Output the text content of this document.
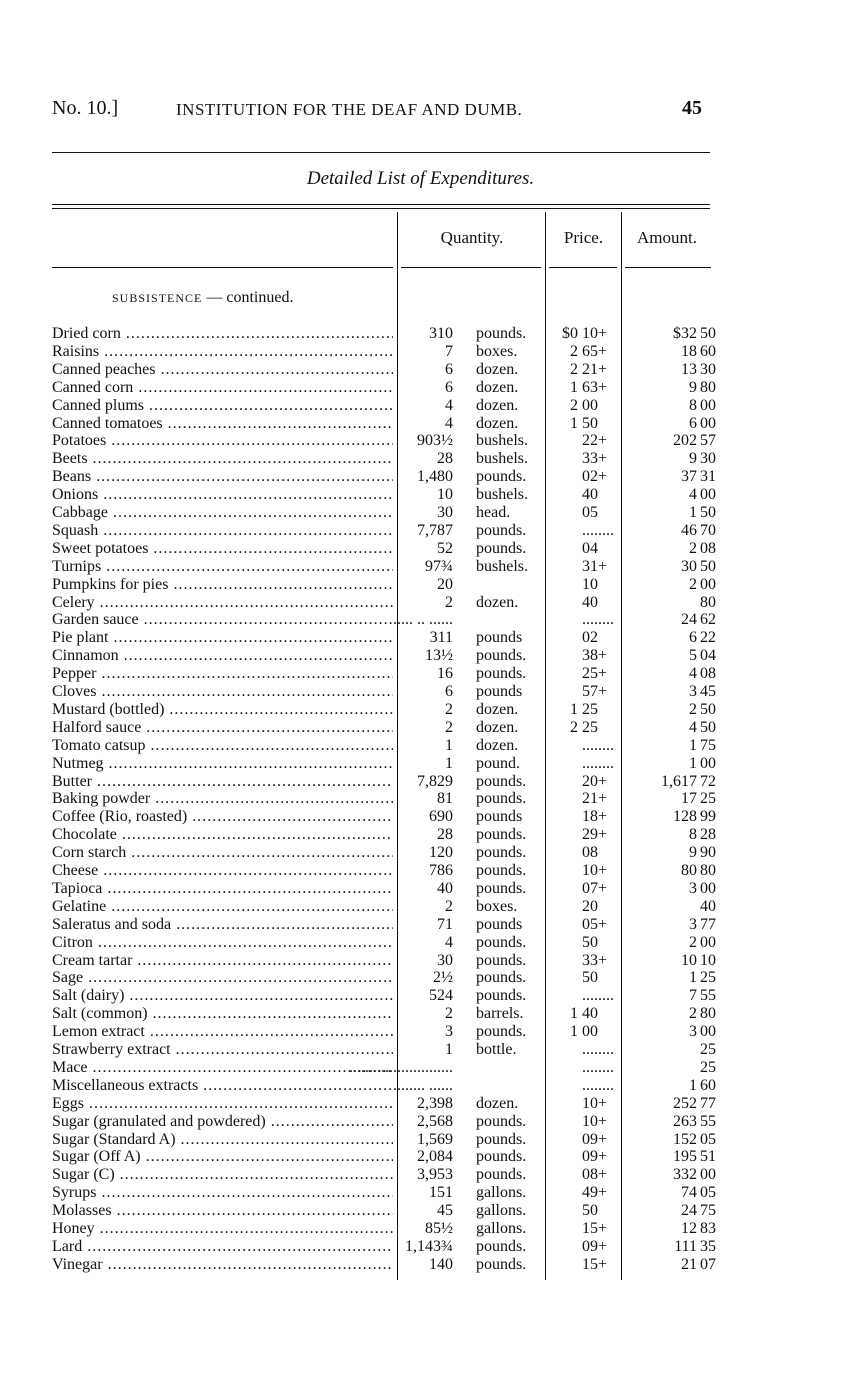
No. 10.]	INSTITUTION FOR THE DEAF AND DUMB.	45
Detailed List of Expenditures.
Quantity.	Price.	Amount.
SUBSISTENCE — continued.
Dried corn .....	310 pounds. $0 10+	$32 50
Raisins .....	7 boxes.	2 65+	18 60
Canned peaches .....	6 dozen.	2 21+	13 30
Canned corn .....	6 dozen.	1 63+	9 80
Canned plums .....	4 dozen.	2 00	8 00
Canned tomatoes .....	4 dozen.	1 50	6 00
Potatoes .....	903½ bushels.	22+	202 57
Beets .....	28 bushels.	33+	9 30
Beans .....	1,480 pounds.	02+	37 31
Onions .....	10 bushels.	40	4 00
Cabbage .....	30 head.	05	1 50
Squash .....	7,787 pounds.	........	46 70
Sweet potatoes .....	52 pounds.	04	2 08
Turnips .....	97¾ bushels.	31+	30 50
Pumpkins for pies .....	20	10	2 00
Celery .....	2 dozen.	40	80
Garden sauce .....	..... .. ......	........	24 62
Pie plant .....	311 pounds	02	6 22
Cinnamon .....	13½ pounds.	38+	5 04
Pepper .....	16 pounds.	25+	4 08
Cloves .....	6 pounds	57+	3 45
Mustard (bottled) .....	2 dozen.	1 25	2 50
Halford sauce .....	2 dozen.	2 25	4 50
Tomato catsup .....	1 dozen.	........	1 75
Nutmeg .....	1 pound.	........	1 00
Butter .....	7,829 pounds.	20+	1,617 72
Baking powder .....	81 pounds.	21+	17 25
Coffee (Rio, roasted) .....	690 pounds	18+	128 99
Chocolate .....	28 pounds.	29+	8 28
Corn starch .....	120 pounds.	08	9 90
Cheese .....	786 pounds.	10+	80 80
Tapioca .....	40 pounds.	07+	3 00
Gelatine .....	2 boxes.	20	40
Saleratus and soda .....	71 pounds	05+	3 77
Citron .....	4 pounds.	50	2 00
Cream tartar .....	30 pounds.	33+	10 10
Sage .....	2½ pounds.	50	1 25
Salt (dairy) .....	524 pounds.	........	7 55
Salt (common) .....	2 barrels.	1 40	2 80
Lemon extract .....	3 pounds.	1 00	3 00
Strawberry extract .....	1 bottle.	........	25
Mace .....	..........................	........	25
Miscellaneous extracts .....	........ ......	........	1 60
Eggs .....	2,398 dozen.	10+	252 77
Sugar (granulated and powdered) .....	2,568 pounds.	10+	263 55
Sugar (Standard A) .....	1,569 pounds.	09+	152 05
Sugar (Off A) .....	2,084 pounds.	09+	195 51
Sugar (C) .....	3,953 pounds.	08+	332 00
Syrups .....	151 gallons.	49+	74 05
Molasses .....	45 gallons.	50	24 75
Honey .....	85½ gallons.	15+	12 83
Lard .....	1,143¾ pounds.	09+	111 35
Vinegar .....	140 pounds.	15+	21 07
